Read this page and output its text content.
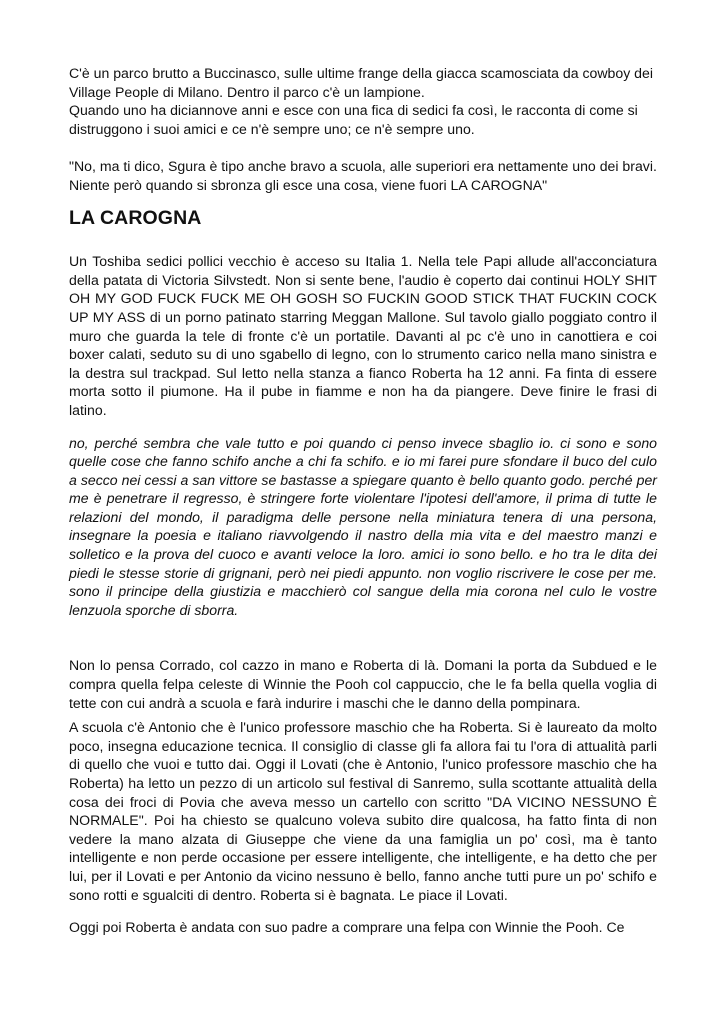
C'è un parco brutto a Buccinasco, sulle ultime frange della giacca scamosciata da cowboy dei Village People di Milano. Dentro il parco c'è un lampione.

Quando uno ha diciannove anni e esce con una fica di sedici fa così, le racconta di come si distruggono i suoi amici e ce n'è sempre uno; ce n'è sempre uno.

"No, ma ti dico, Sgura è tipo anche bravo a scuola, alle superiori era nettamente uno dei bravi. Niente però quando si sbronza gli esce una cosa, viene fuori LA CAROGNA"

LA CAROGNA

Un Toshiba sedici pollici vecchio è acceso su Italia 1. Nella tele Papi allude all'acconciatura della patata di Victoria Silvstedt. Non si sente bene, l'audio è coperto dai continui HOLY SHIT OH MY GOD FUCK FUCK ME OH GOSH SO FUCKIN GOOD STICK THAT FUCKIN COCK UP MY ASS di un porno patinato starring Meggan Mallone. Sul tavolo giallo poggiato contro il muro che guarda la tele di fronte c'è un portatile. Davanti al pc c'è uno in canottiera e coi boxer calati, seduto su di uno sgabello di legno, con lo strumento carico nella mano sinistra e la destra sul trackpad. Sul letto nella stanza a fianco Roberta ha 12 anni. Fa finta di essere morta sotto il piumone. Ha il pube in fiamme e non ha da piangere. Deve finire le frasi di latino.

no, perché sembra che vale tutto e poi quando ci penso invece sbaglio io. ci sono e sono quelle cose che fanno schifo anche a chi fa schifo. e io mi farei pure sfondare il buco del culo a secco nei cessi a san vittore se bastasse a spiegare quanto è bello quanto godo. perché per me è penetrare il regresso, è stringere forte violentare l'ipotesi dell'amore, il prima di tutte le relazioni del mondo, il paradigma delle persone nella miniatura tenera di una persona, insegnare la poesia e italiano riavvolgendo il nastro della mia vita e del maestro manzi e solletico e la prova del cuoco e avanti veloce la loro. amici io sono bello. e ho tra le dita dei piedi le stesse storie di grignani, però nei piedi appunto. non voglio riscrivere le cose per me. sono il principe della giustizia e macchierò col sangue della mia corona nel culo le vostre lenzuola sporche di sborra.

Non lo pensa Corrado, col cazzo in mano e Roberta di là. Domani la porta da Subdued e le compra quella felpa celeste di Winnie the Pooh col cappuccio, che le fa bella quella voglia di tette con cui andrà a scuola e farà indurire i maschi che le danno della pompinara.

A scuola c'è Antonio che è l'unico professore maschio che ha Roberta. Si è laureato da molto poco, insegna educazione tecnica. Il consiglio di classe gli fa allora fai tu l'ora di attualità parli di quello che vuoi e tutto dai. Oggi il Lovati (che è Antonio, l'unico professore maschio che ha Roberta) ha letto un pezzo di un articolo sul festival di Sanremo, sulla scottante attualità della cosa dei froci di Povia che aveva messo un cartello con scritto "DA VICINO NESSUNO È NORMALE". Poi ha chiesto se qualcuno voleva subito dire qualcosa, ha fatto finta di non vedere la mano alzata di Giuseppe che viene da una famiglia un po' così, ma è tanto intelligente e non perde occasione per essere intelligente, che intelligente, e ha detto che per lui, per il Lovati e per Antonio da vicino nessuno è bello, fanno anche tutti pure un po' schifo e sono rotti e sgualciti di dentro. Roberta si è bagnata. Le piace il Lovati.

Oggi poi Roberta è andata con suo padre a comprare una felpa con Winnie the Pooh. Ce
